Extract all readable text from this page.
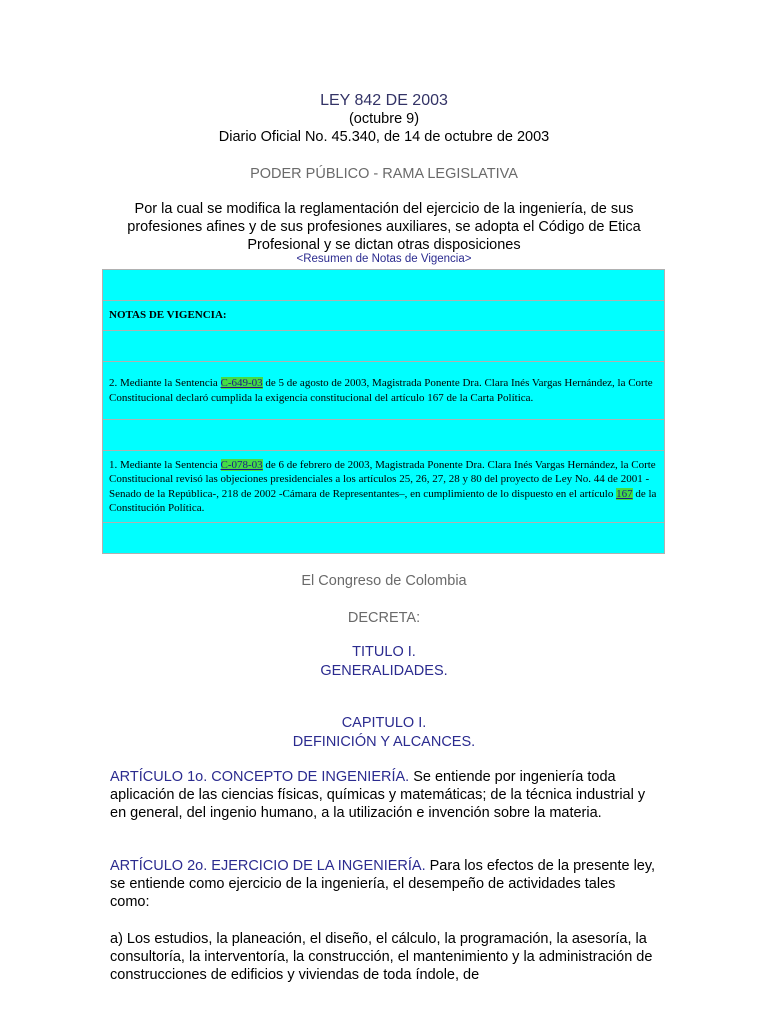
LEY 842 DE 2003
(octubre 9)
Diario Oficial No. 45.340, de 14 de octubre de 2003
PODER PÚBLICO - RAMA LEGISLATIVA
Por la cual se modifica la reglamentación del ejercicio de la ingeniería, de sus profesiones afines y de sus profesiones auxiliares, se adopta el Código de Etica Profesional y se dictan otras disposiciones
<Resumen de Notas de Vigencia>

NOTAS DE VIGENCIA:

2. Mediante la Sentencia C-649-03 de 5 de agosto de 2003, Magistrada Ponente Dra. Clara Inés Vargas Hernández, la Corte Constitucional declaró cumplida la exigencia constitucional del artículo 167 de la Carta Política.

1. Mediante la Sentencia C-078-03 de 6 de febrero de 2003, Magistrada Ponente Dra. Clara Inés Vargas Hernández, la Corte Constitucional revisó las objeciones presidenciales a los artículos 25, 26, 27, 28 y 80 del proyecto de Ley No. 44 de 2001 - Senado de la República-, 218 de 2002 -Cámara de Representantes–, en cumplimiento de lo dispuesto en el artículo 167 de la Constitución Política.

El Congreso de Colombia
DECRETA:
TITULO I.
GENERALIDADES.
CAPITULO I.
DEFINICIÓN Y ALCANCES.
ARTÍCULO 1o. CONCEPTO DE INGENIERÍA. Se entiende por ingeniería toda aplicación de las ciencias físicas, químicas y matemáticas; de la técnica industrial y en general, del ingenio humano, a la utilización e invención sobre la materia.
ARTÍCULO 2o. EJERCICIO DE LA INGENIERÍA. Para los efectos de la presente ley, se entiende como ejercicio de la ingeniería, el desempeño de actividades tales como:
a) Los estudios, la planeación, el diseño, el cálculo, la programación, la asesoría, la consultoría, la interventoría, la construcción, el mantenimiento y la administración de construcciones de edificios y viviendas de toda índole, de
